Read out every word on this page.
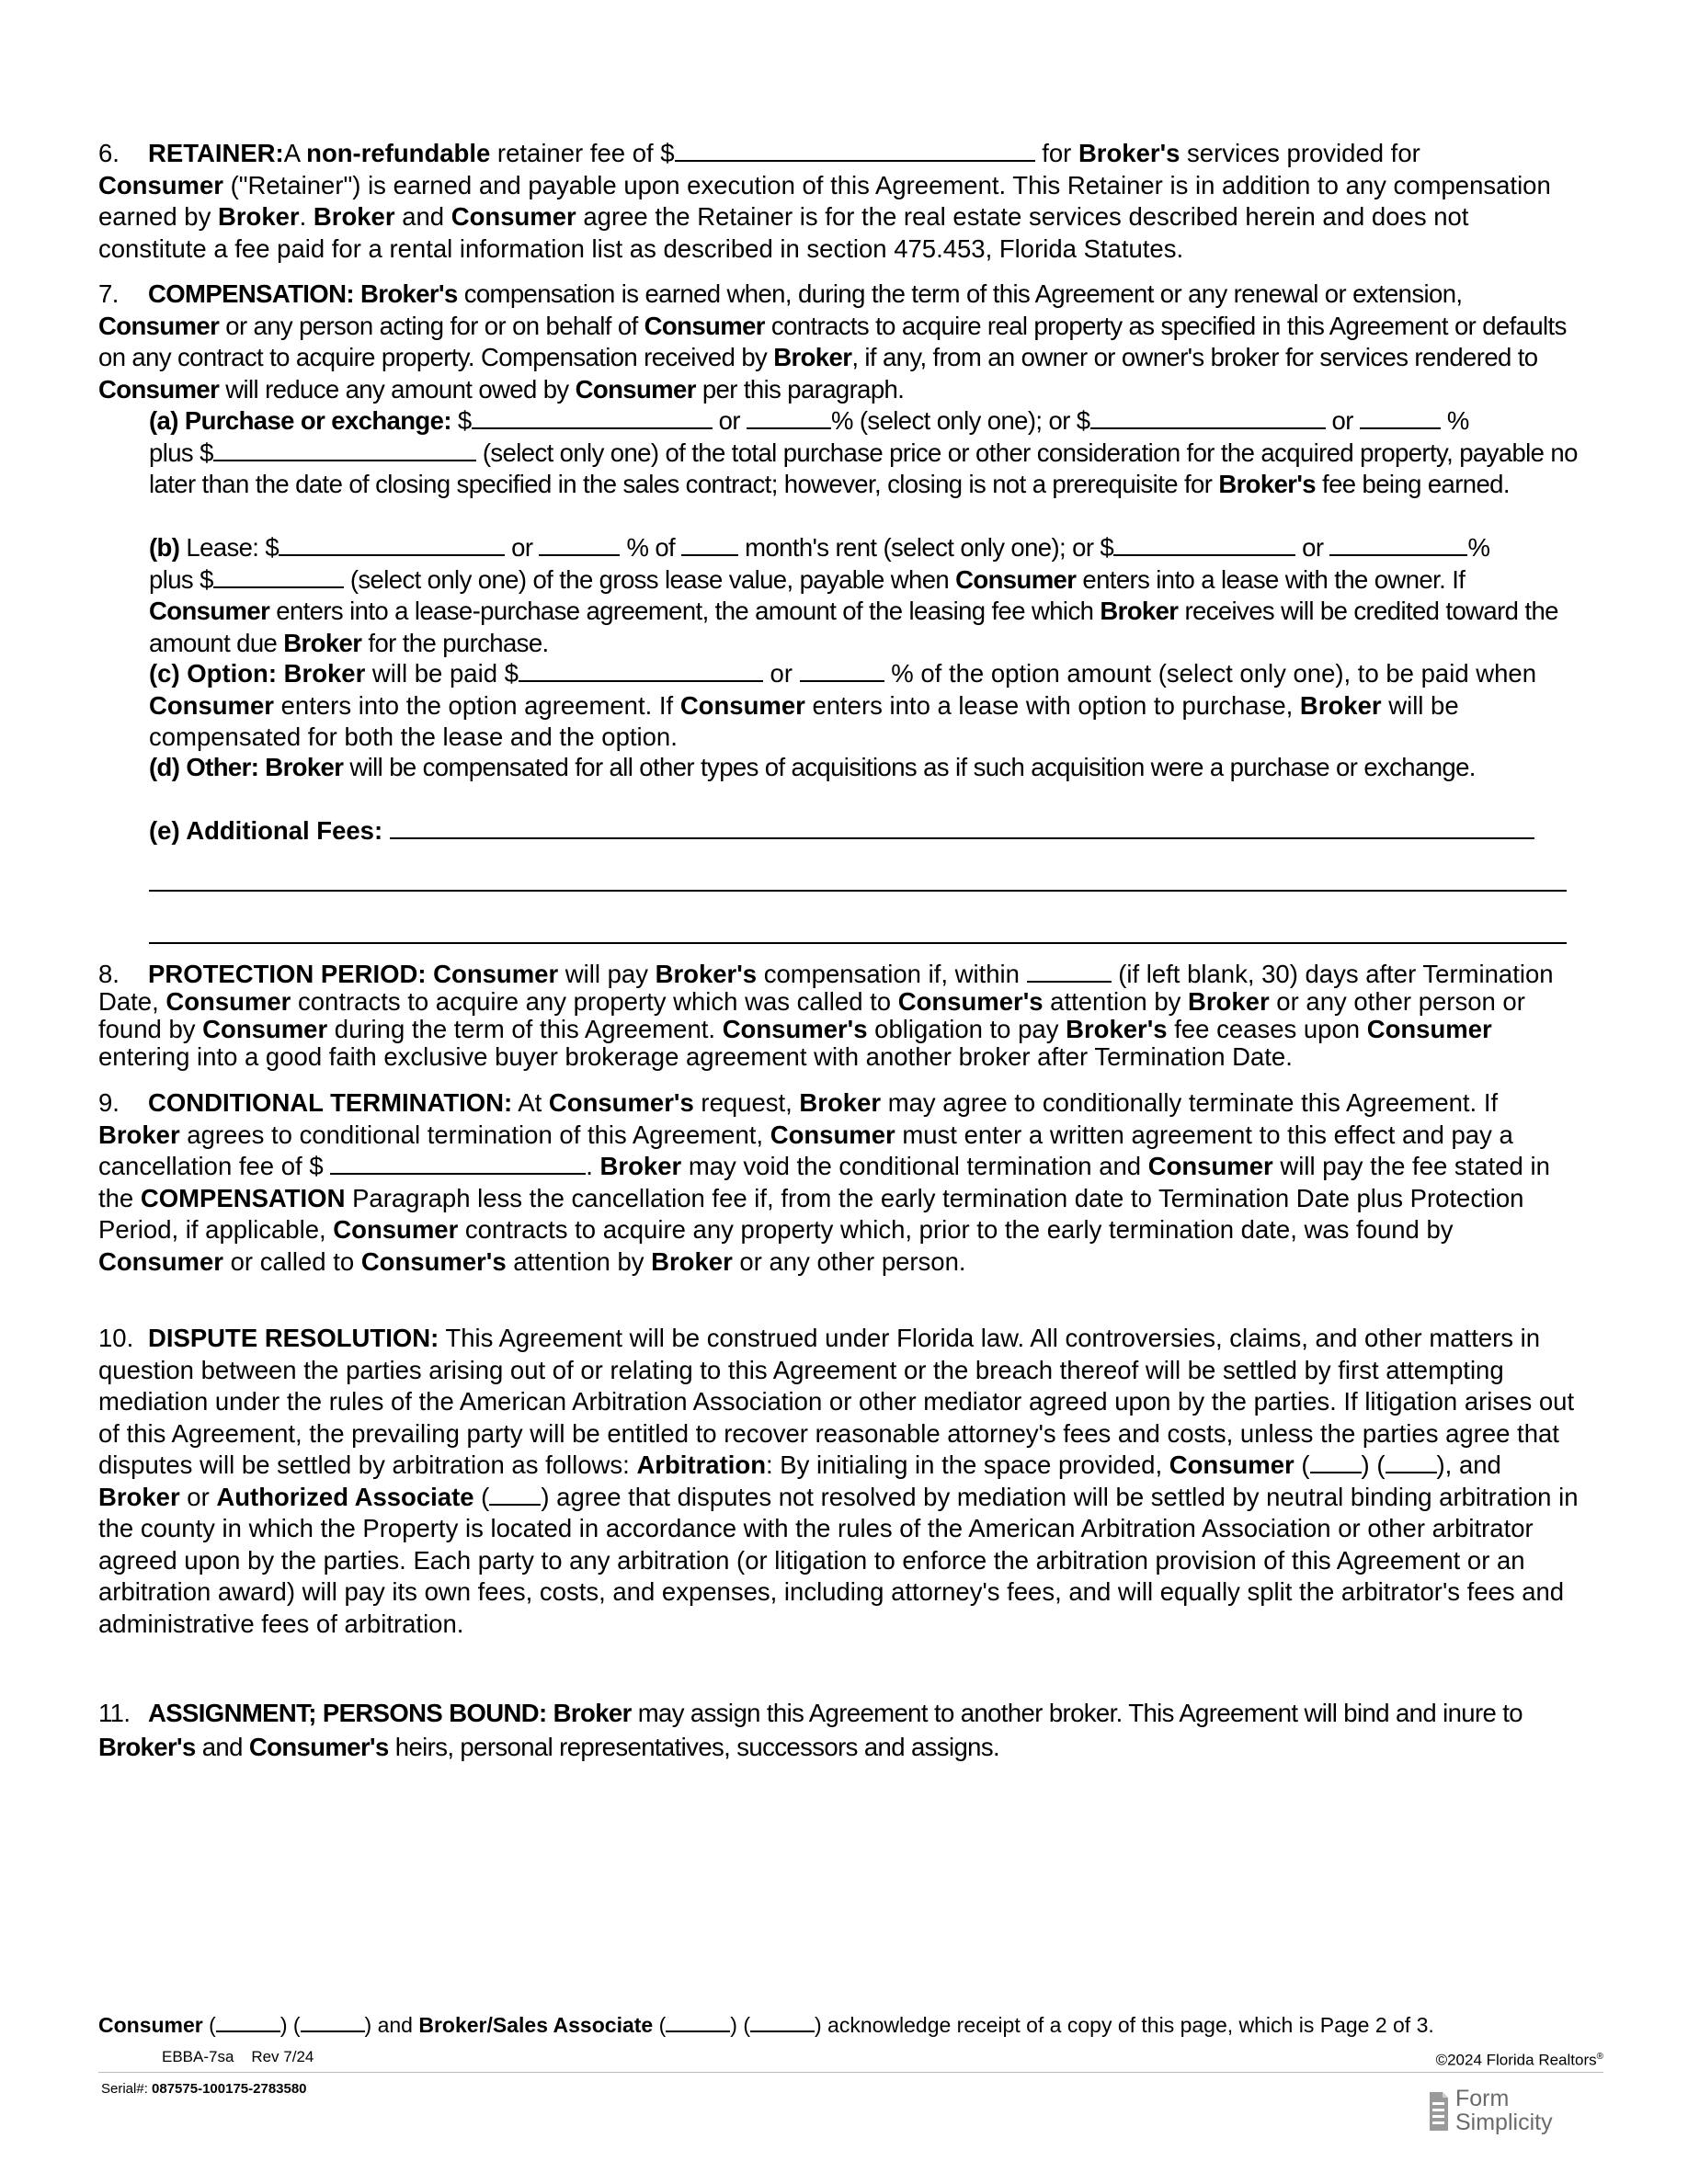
6. RETAINER:A non-refundable retainer fee of $	for Broker's services provided for
Consumer ("Retainer") is earned and payable upon execution of this Agreement. This Retainer is in addition to any compensation earned by Broker. Broker and Consumer agree the Retainer is for the real estate services described herein and does not constitute a fee paid for a rental information list as described in section 475.453, Florida Statutes.

7. COMPENSATION: Broker's compensation is earned when, during the term of this Agreement or any renewal or extension, Consumer or any person acting for or on behalf of Consumer contracts to acquire real property as specified in this Agreement or defaults on any contract to acquire property. Compensation received by Broker, if any, from an owner or owner's broker for services rendered to Consumer will reduce any amount owed by Consumer per this paragraph.

(a) Purchase or exchange: $	or	% (select only one); or $	or	%
plus $	(select only one) of the total purchase price or other consideration for the acquired property, payable no later than the date of closing specified in the sales contract; however, closing is not a prerequisite for Broker's fee being earned.

(b) Lease: $	or	% of  month's rent (select only one); or $	or	%
plus $	(select only one) of the gross lease value, payable when Consumer enters into a lease with the owner. If Consumer enters into a lease-purchase agreement, the amount of the leasing fee which Broker receives will be credited toward the amount due Broker for the purchase.

(c) Option: Broker will be paid $	or	% of the option amount (select only one), to be paid when Consumer enters into the option agreement. If Consumer enters into a lease with option to purchase, Broker will be compensated for both the lease and the option.

(d) Other: Broker will be compensated for all other types of acquisitions as if such acquisition were a purchase or exchange.

(e) Additional Fees:

8. PROTECTION PERIOD: Consumer will pay Broker's compensation if, within	(if left blank, 30) days after Termination Date, Consumer contracts to acquire any property which was called to Consumer's attention by Broker or any other person or found by Consumer during the term of this Agreement. Consumer's obligation to pay Broker's fee ceases upon Consumer entering into a good faith exclusive buyer brokerage agreement with another broker after Termination Date.

9. CONDITIONAL TERMINATION: At Consumer's request, Broker may agree to conditionally terminate this Agreement. If Broker agrees to conditional termination of this Agreement, Consumer must enter a written agreement to this effect and pay a cancellation fee of $	. Broker may void the conditional termination and Consumer will pay the fee stated in the COMPENSATION Paragraph less the cancellation fee if, from the early termination date to Termination Date plus Protection Period, if applicable, Consumer contracts to acquire any property which, prior to the early termination date, was found by Consumer or called to Consumer's attention by Broker or any other person.

10. DISPUTE RESOLUTION: This Agreement will be construed under Florida law. All controversies, claims, and other matters in question between the parties arising out of or relating to this Agreement or the breach thereof will be settled by first attempting mediation under the rules of the American Arbitration Association or other mediator agreed upon by the parties. If litigation arises out of this Agreement, the prevailing party will be entitled to recover reasonable attorney's fees and costs, unless the parties agree that disputes will be settled by arbitration as follows: Arbitration: By initialing in the space provided, Consumer ( ) ( ), and Broker or Authorized Associate ( ) agree that disputes not resolved by mediation will be settled by neutral binding arbitration in the county in which the Property is located in accordance with the rules of the American Arbitration Association or other arbitrator agreed upon by the parties. Each party to any arbitration (or litigation to enforce the arbitration provision of this Agreement or an arbitration award) will pay its own fees, costs, and expenses, including attorney's fees, and will equally split the arbitrator's fees and administrative fees of arbitration.

11. ASSIGNMENT; PERSONS BOUND: Broker may assign this Agreement to another broker. This Agreement will bind and inure to Broker's and Consumer's heirs, personal representatives, successors and assigns.

Consumer (	) (	) and Broker/Sales Associate (	) (	) acknowledge receipt of a copy of this page, which is Page 2 of 3.
EBBA-7sa    Rev 7/24	©2024 Florida Realtors®
Serial#: 087575-100175-2783580	Form
Simplicity
